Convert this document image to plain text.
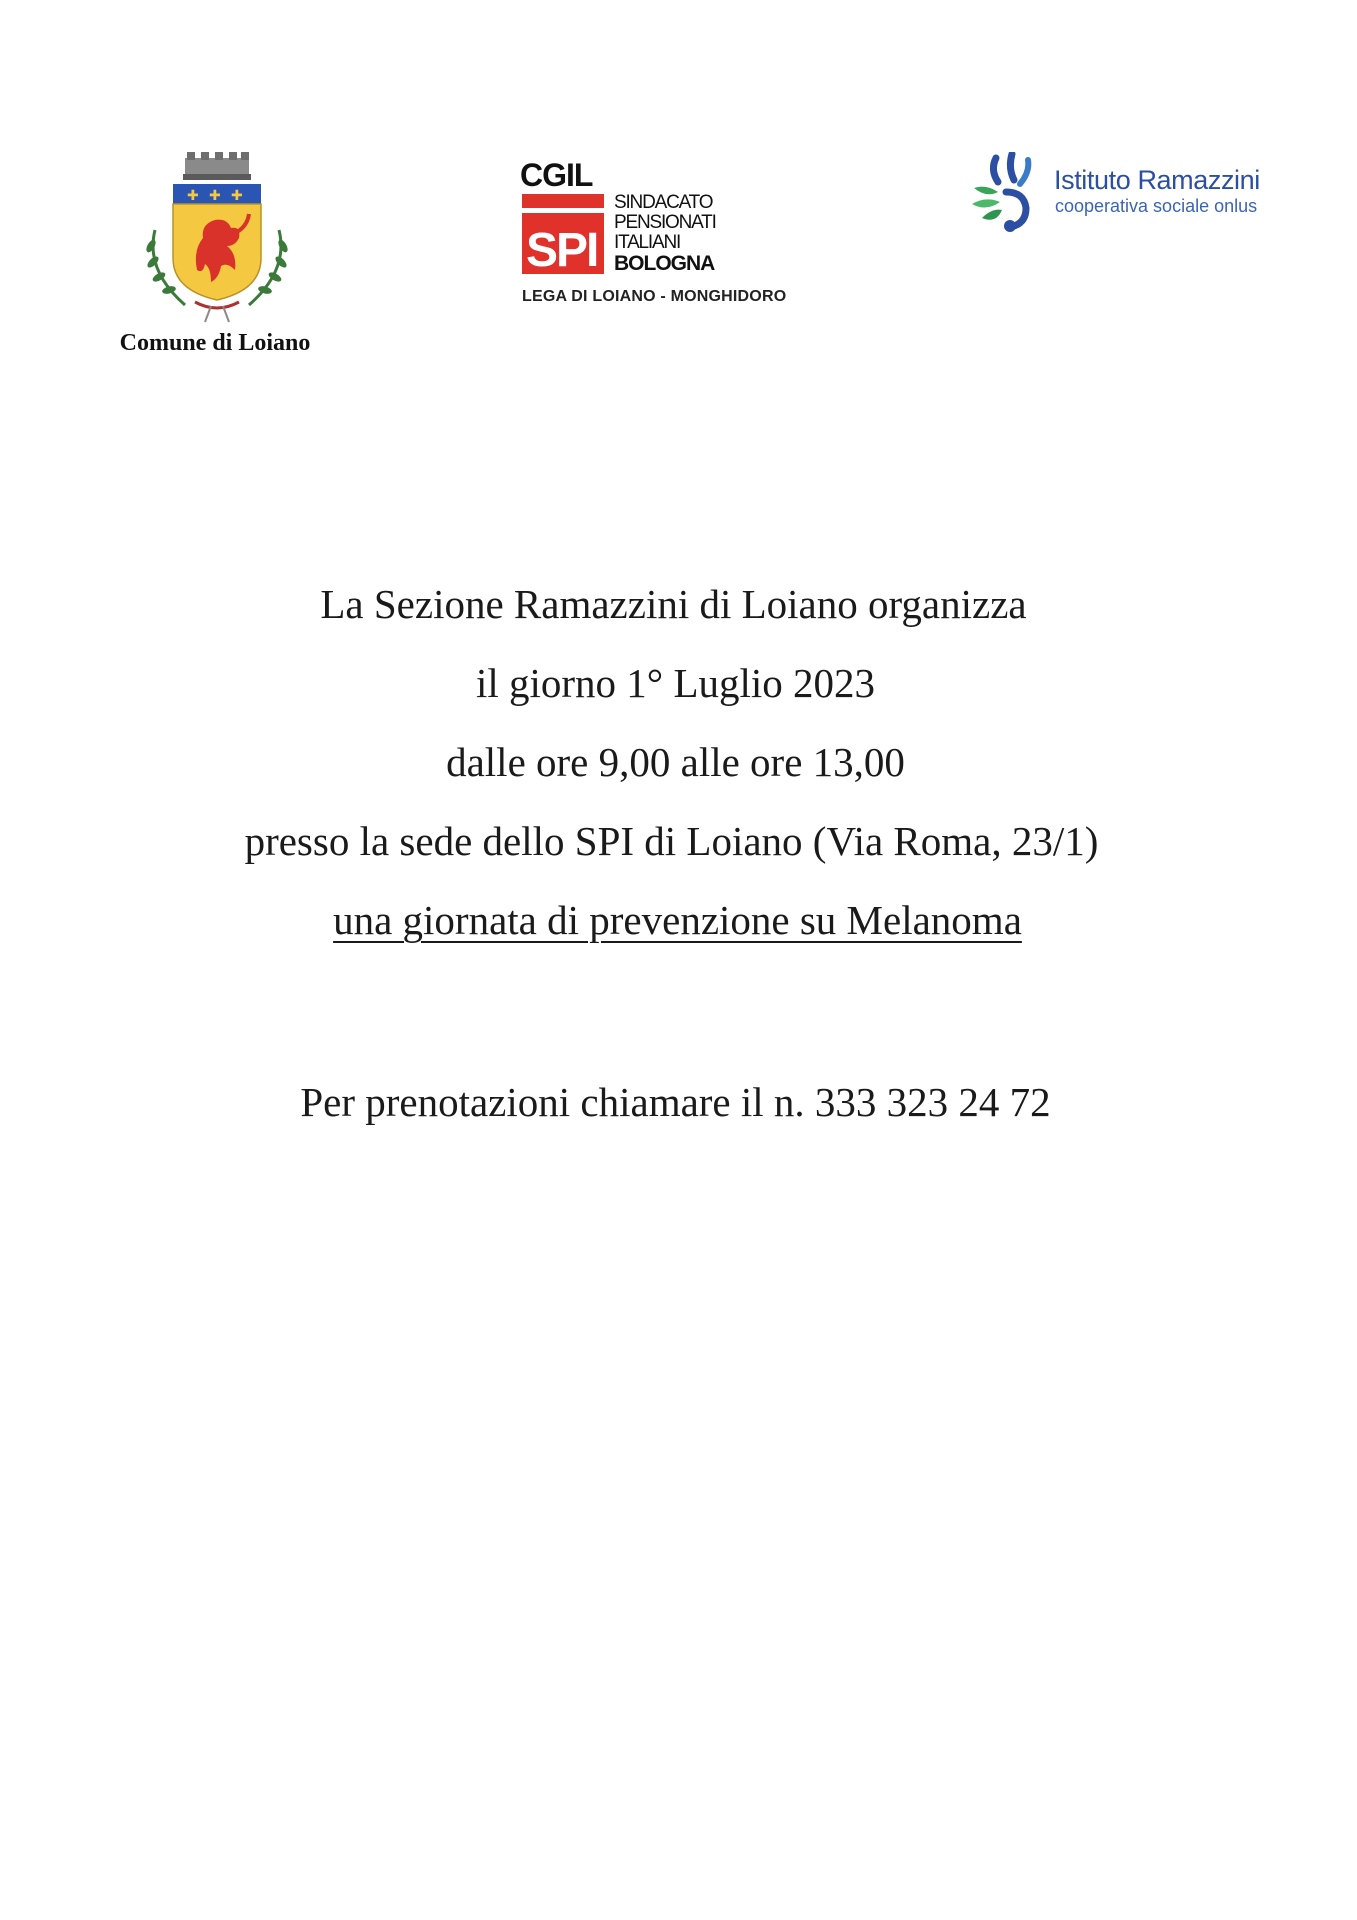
✚ ✚ ✚
Comune di Loiano
CGIL
SPI
SINDACATO
PENSIONATI
ITALIANI
BOLOGNA
LEGA DI LOIANO - MONGHIDORO
Istituto Ramazzini
cooperativa sociale onlus
La Sezione Ramazzini di Loiano organizza
il giorno 1° Luglio 2023
dalle ore 9,00 alle ore 13,00
presso la sede dello SPI di Loiano (Via Roma, 23/1)
una giornata di prevenzione su Melanoma
Per prenotazioni chiamare il n. 333 323 24 72
